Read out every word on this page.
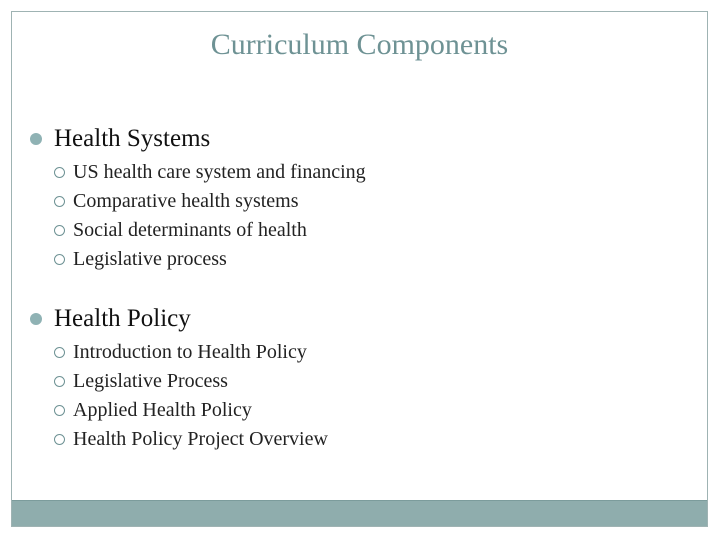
Curriculum Components
Health Systems
US health care system and financing
Comparative health systems
Social determinants of health
Legislative process
Health Policy
Introduction to Health Policy
Legislative Process
Applied Health Policy
Health Policy Project Overview
